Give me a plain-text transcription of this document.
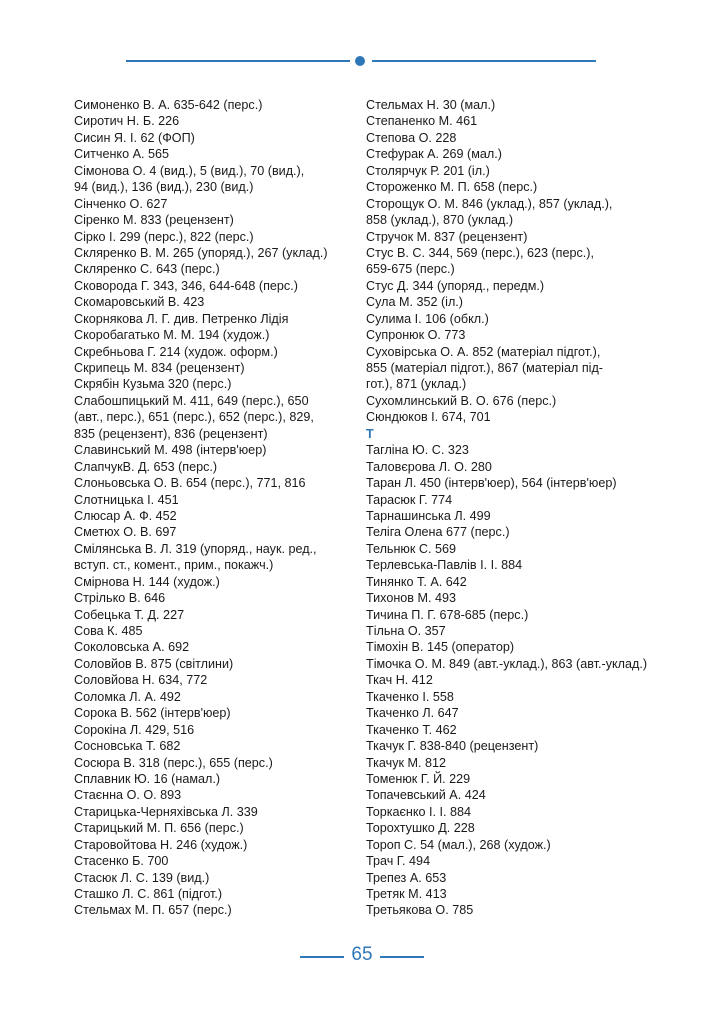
Симоненко В. А. 635-642 (перс.)
Сиротич Н. Б. 226
Сисин Я. І. 62 (ФОП)
Ситченко А. 565
Сімонова О. 4 (вид.), 5 (вид.), 70 (вид.),
94 (вид.), 136 (вид.), 230 (вид.)
Сінченко О. 627
Сіренко М. 833 (рецензент)
Сірко І. 299 (перс.), 822 (перс.)
Скляренко В. М. 265 (упоряд.), 267 (уклад.)
Скляренко С. 643 (перс.)
Сковорода Г. 343, 346, 644-648 (перс.)
Скомаровський В. 423
Скорнякова Л. Г. див. Петренко Лідія
Скоробагатько М. М. 194 (худож.)
Скребньова Г. 214 (худож. оформ.)
Скрипець М. 834 (рецензент)
Скрябін Кузьма 320 (перс.)
Слабошпицький М. 411, 649 (перс.), 650
(авт., перс.), 651 (перс.), 652 (перс.), 829,
835 (рецензент), 836 (рецензент)
Славинський М. 498 (інтерв'юер)
СлапчукВ. Д. 653 (перс.)
Слоньовська О. В. 654 (перс.), 771, 816
Слотницька І. 451
Слюсар А. Ф. 452
Сметюх О. В. 697
Смілянська В. Л. 319 (упоряд., наук. ред.,
вступ. ст., комент., прим., покажч.)
Смірнова Н. 144 (худож.)
Стрілько В. 646
Собецька Т. Д. 227
Сова К. 485
Соколовська А. 692
Соловйов В. 875 (світлини)
Соловйова Н. 634, 772
Соломка Л. А. 492
Сорока В. 562 (інтерв'юер)
Сорокіна Л. 429, 516
Сосновська Т. 682
Сосюра В. 318 (перс.), 655 (перс.)
Сплавник Ю. 16 (намал.)
Стаєнна О. О. 893
Старицька-Черняхівська Л. 339
Старицький М. П. 656 (перс.)
Старовойтова Н. 246 (худож.)
Стасенко Б. 700
Стасюк Л. С. 139 (вид.)
Сташко Л. С. 861 (підгот.)
Стельмах М. П. 657 (перс.)
Стельмах Н. 30 (мал.)
Степаненко М. 461
Степова О. 228
Стефурак А. 269 (мал.)
Столярчук Р. 201 (іл.)
Стороженко М. П. 658 (перс.)
Сторощук О. М. 846 (уклад.), 857 (уклад.),
858 (уклад.), 870 (уклад.)
Стручок М. 837 (рецензент)
Стус В. С. 344, 569 (перс.), 623 (перс.),
659-675 (перс.)
Стус Д. 344 (упоряд., передм.)
Сула М. 352 (іл.)
Сулима І. 106 (обкл.)
Супронюк О. 773
Суховірська О. А. 852 (матеріал підгот.),
855 (матеріал підгот.), 867 (матеріал під-
гот.), 871 (уклад.)
Сухомлинський В. О. 676 (перс.)
Сюндюков І. 674, 701
Т
Тагліна Ю. С. 323
Таловєрова Л. О. 280
Таран Л. 450 (інтерв'юер), 564 (інтерв'юер)
Тарасюк Г. 774
Тарнашинська Л. 499
Теліга Олена 677 (перс.)
Тельнюк С. 569
Терлевська-Павлів І. І. 884
Тинянко Т. А. 642
Тихонов М. 493
Тичина П. Г. 678-685 (перс.)
Тільна О. 357
Тімохін В. 145 (оператор)
Тімочка О. М. 849 (авт.-уклад.), 863 (авт.-уклад.)
Ткач Н. 412
Ткаченко І. 558
Ткаченко Л. 647
Ткаченко Т. 462
Ткачук Г. 838-840 (рецензент)
Ткачук М. 812
Томенюк Г. Й. 229
Топачевський А. 424
Торкаєнко І. І. 884
Торохтушко Д. 228
Тороп С. 54 (мал.), 268 (худож.)
Трач Г. 494
Трепез А. 653
Третяк М. 413
Третьякова О. 785
65
